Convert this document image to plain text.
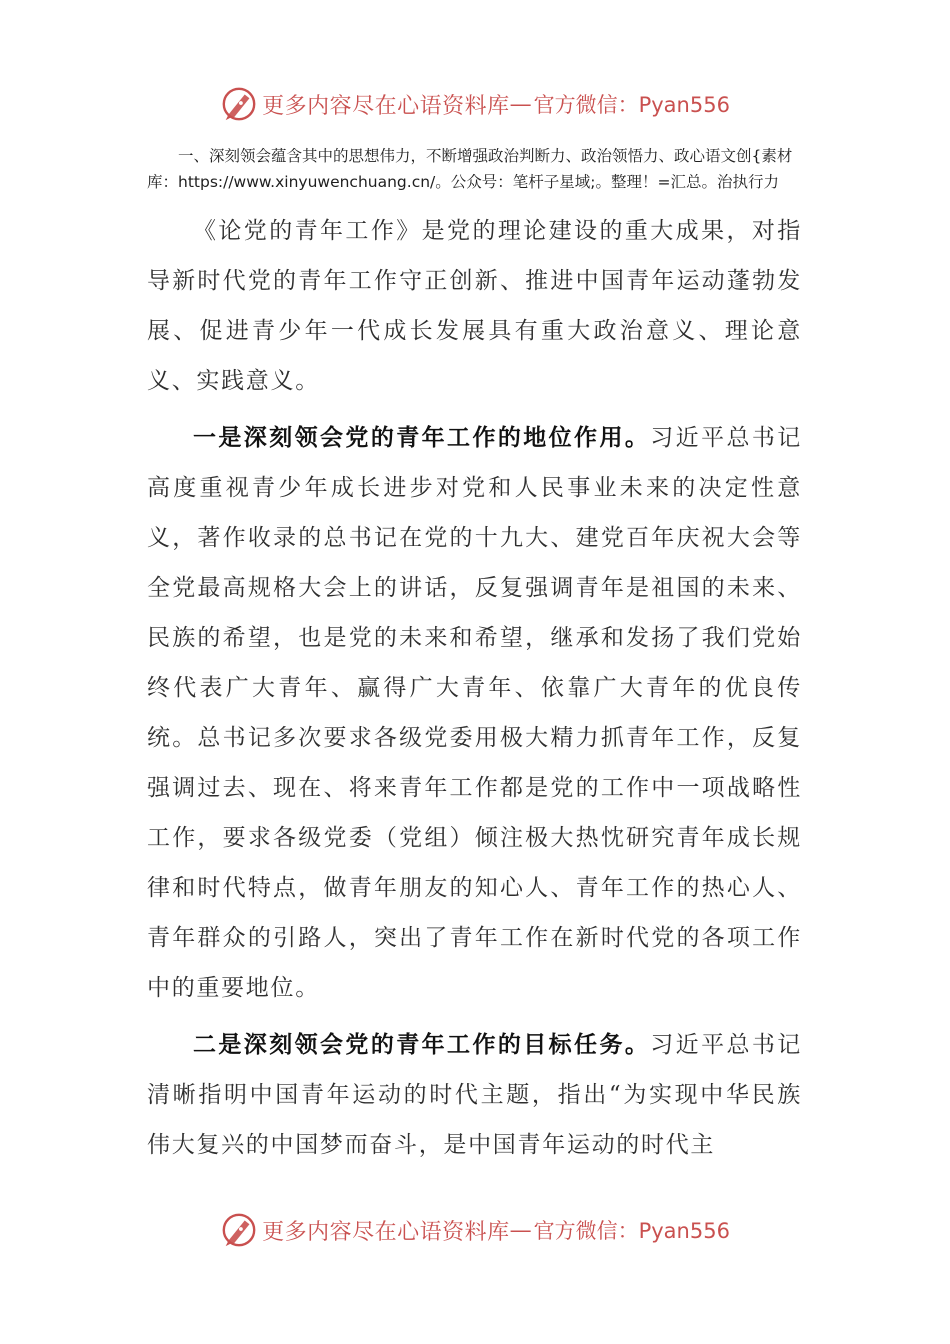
更多内容尽在心语资料库 — 官方微信：Pyan556

一、深刻领会蕴含其中的思想伟力，不断增强政治判断力、政治领悟力、政心语文创{素材库：https://www.xinyuwenchuang.cn/。公众号：笔杆子星域;。整理！=汇总。治执行力

《论党的青年工作》是党的理论建设的重大成果，对指导新时代党的青年工作守正创新、推进中国青年运动蓬勃发展、促进青少年一代成长发展具有重大政治意义、理论意义、实践意义。

一是深刻领会党的青年工作的地位作用。习近平总书记高度重视青少年成长进步对党和人民事业未来的决定性意义，著作收录的总书记在党的十九大、建党百年庆祝大会等全党最高规格大会上的讲话，反复强调青年是祖国的未来、民族的希望，也是党的未来和希望，继承和发扬了我们党始终代表广大青年、赢得广大青年、依靠广大青年的优良传统。总书记多次要求各级党委用极大精力抓青年工作，反复强调过去、现在、将来青年工作都是党的工作中一项战略性工作，要求各级党委（党组）倾注极大热忱研究青年成长规律和时代特点，做青年朋友的知心人、青年工作的热心人、青年群众的引路人，突出了青年工作在新时代党的各项工作中的重要地位。

二是深刻领会党的青年工作的目标任务。习近平总书记清晰指明中国青年运动的时代主题，指出“为实现中华民族伟大复兴的中国梦而奋斗，是中国青年运动的时代主

更多内容尽在心语资料库 — 官方微信：Pyan556
